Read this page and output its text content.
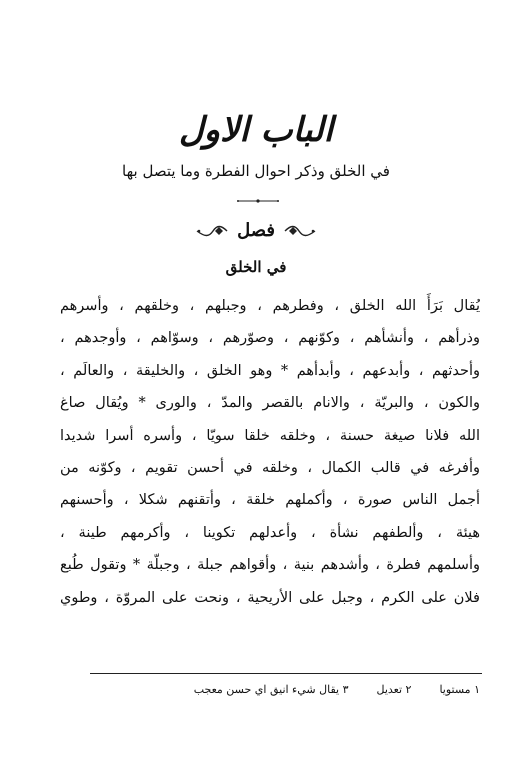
الباب الاول
في الخلق وذكر احوال الفطرة وما يتصل بها
فصل
في الخلق
يُقال بَرَأَ الله الخلق ، وفطرهم ، وجبلهم ، وخلقهم ، وأسرهم
وذرأهم ، وأنشأهم ، وكوّنهم ، وصوّرهم ، وسوّاهم ، وأوجدهم ،
وأحدثهم ، وأبدعهم ، وأبدأهم * وهو الخلق ، والخليقة ، والعالَم ،
والكون ، والبريّة ، والانام بالقصر والمدّ ، والورى * ويُقال صاغ
الله فلانا صيغة حسنة ، وخلقه خلقا سويّا ، وأسره أسرا شديدا
وأفرغه في قالب الكمال ، وخلقه في أحسن تقويم ، وكوّنه من
أجمل الناس صورة ، وأكملهم خلقة ، وأتقنهم شكلا ، وأحسنهم
هيئة ، وألطفهم نشأة ، وأعدلهم تكوينا ، وأكرمهم طينة ،
وأسلمهم فطرة ، وأشدهم بنية ، وأقواهم جبلة ، وجبلّة * وتقول طُبع
فلان على الكرم ، وجبل على الأريحية ، ونحت على المروّة ، وطوي
١ مستويا
٢ تعديل
٣ يقال شيء انيق اي حسن معجب
